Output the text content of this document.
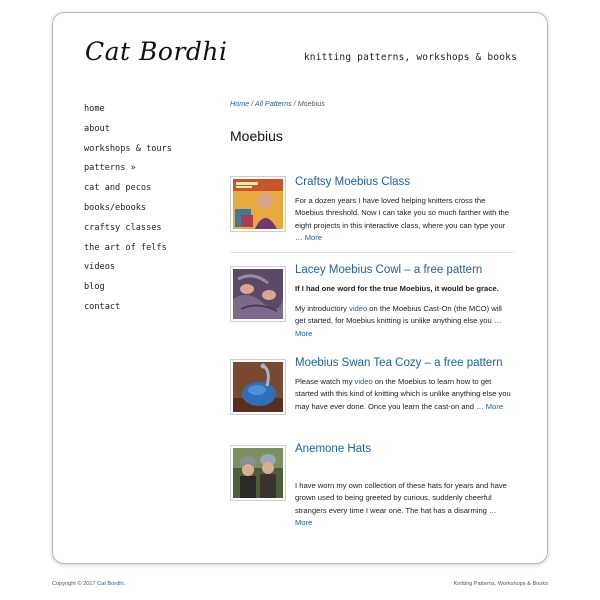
Cat Bordhi	knitting patterns, workshops & books
home
about
workshops & tours
patterns »
cat and pecos
books/ebooks
craftsy classes
the art of felfs
videos
blog
contact
Home / All Patterns / Moebius
Moebius
Craftsy Moebius Class
For a dozen years I have loved helping knitters cross the Moebius threshold. Now I can take you so much farther with the eight projects in this interactive class, where you can type your … More
Lacey Moebius Cowl – a free pattern
If I had one word for the true Moebius, it would be grace.
My introductory video on the Moebius Cast-On (the MCO) will get started, for Moebius knitting is unlike anything else you … More
Moebius Swan Tea Cozy – a free pattern
Please watch my video on the Moebius to learn how to get started with this kind of knitting which is unlike anything else you may have ever done. Once you learn the cast-on and … More
Anemone Hats
I have worn my own collection of these hats for years and have grown used to being greeted by curious, suddenly cheerful strangers every time I wear one. The hat has a disarming … More
Copyright © 2017 Cat Bordhi.	Knitting Patterns, Workshops & Books
